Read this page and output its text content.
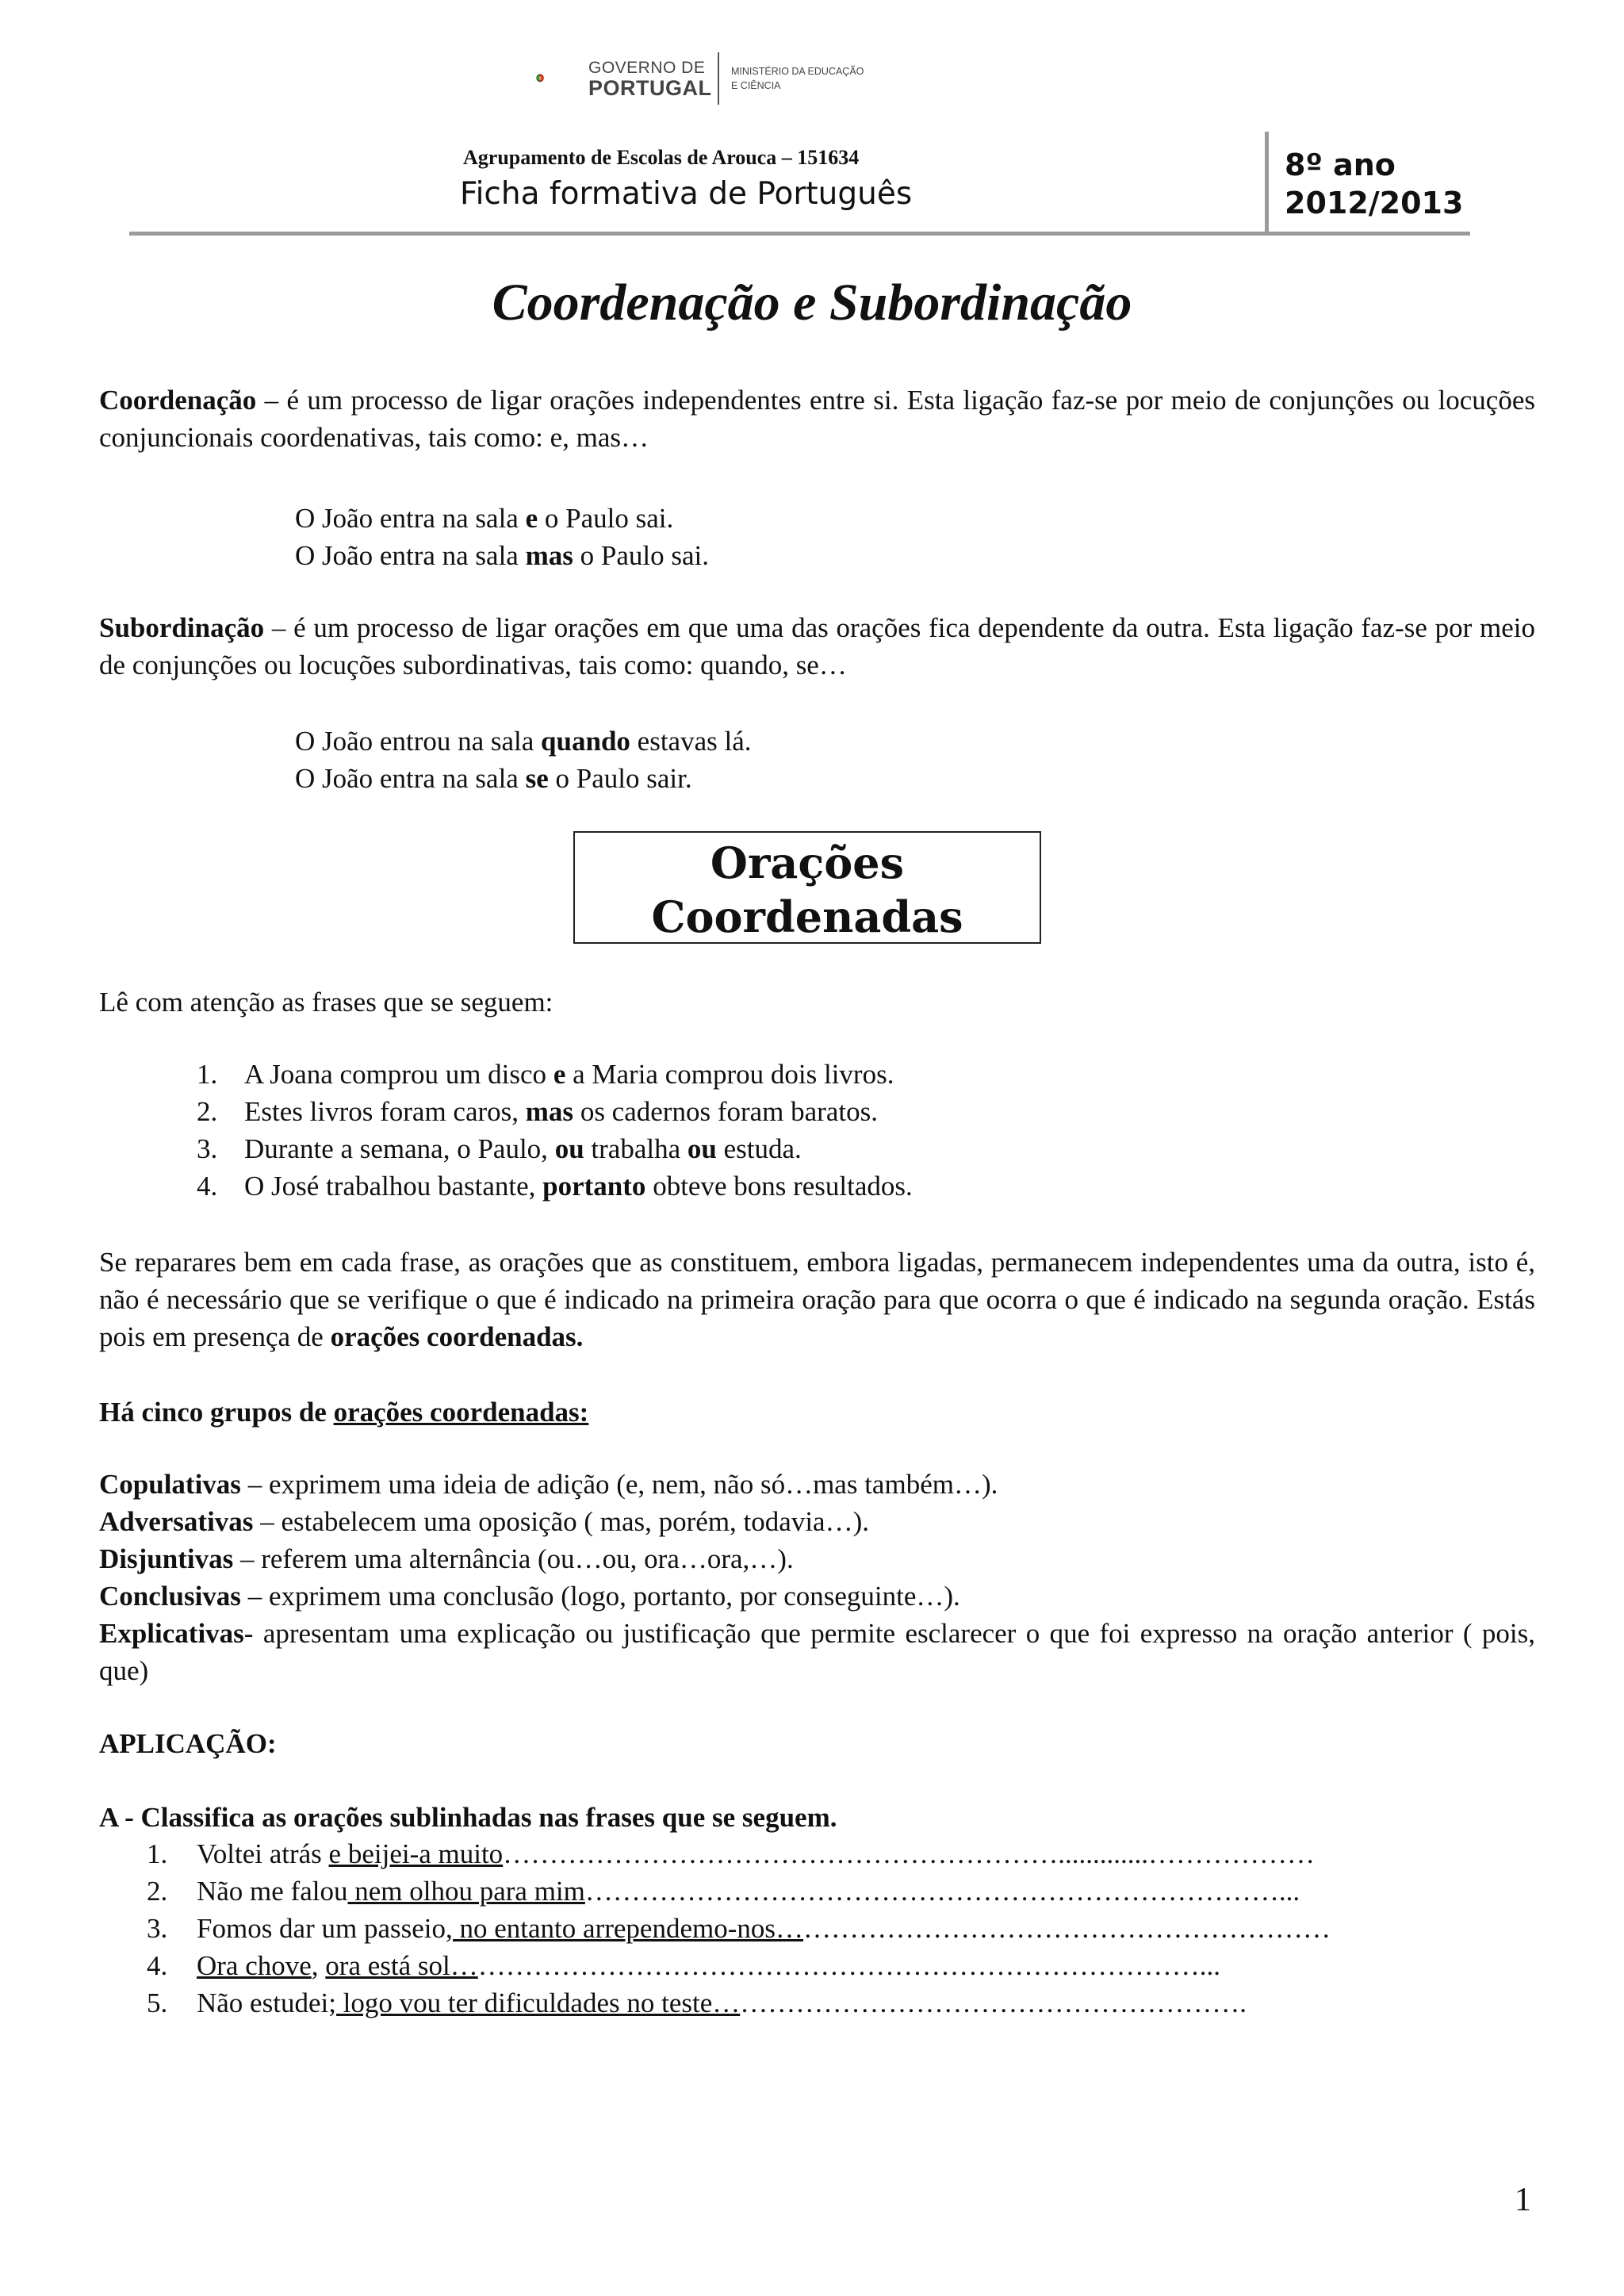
GOVERNO DE
PORTUGAL
MINISTÉRIO DA EDUCAÇÃO
E CIÊNCIA
Agrupamento de Escolas de Arouca – 151634
Ficha formativa de Português
8º ano
2012/2013
Coordenação e Subordinação
Coordenação – é um processo de ligar orações independentes entre si. Esta ligação faz-se por meio de conjunções ou locuções conjuncionais coordenativas, tais como: e, mas…
O João entra na sala e o Paulo sai.
O João entra na sala mas o Paulo sai.
Subordinação – é um processo de ligar orações em que uma das orações fica dependente da outra. Esta ligação faz-se por meio de conjunções ou locuções subordinativas, tais como: quando, se…
O João entrou na sala quando estavas lá.
O João entra na sala se o Paulo sair.
Orações
Coordenadas
Lê com atenção as frases que se seguem:
1. A Joana comprou um disco e a Maria comprou dois livros.
2. Estes livros foram caros, mas os cadernos foram baratos.
3. Durante a semana, o Paulo, ou trabalha ou estuda.
4. O José trabalhou bastante, portanto obteve bons resultados.
Se reparares bem em cada frase, as orações que as constituem, embora ligadas, permanecem independentes uma da outra, isto é, não é necessário que se verifique o que é indicado na primeira oração para que ocorra o que é indicado na segunda oração. Estás pois em presença de orações coordenadas.
Há cinco grupos de orações coordenadas:
Copulativas – exprimem uma ideia de adição (e, nem, não só…mas também…).
Adversativas – estabelecem uma oposição ( mas, porém, todavia…).
Disjuntivas – referem uma alternância (ou…ou, ora…ora,…).
Conclusivas – exprimem uma conclusão (logo, portanto, por conseguinte…).
Explicativas- apresentam uma explicação ou justificação que permite esclarecer o que foi expresso na oração anterior ( pois, que)
APLICAÇÃO:
A - Classifica as orações sublinhadas nas frases que se seguem.
1. Voltei atrás e beijei-a muito…………………………………………………….............………………
2. Não me falou nem olhou para mim…………………………………………………………………...
3. Fomos dar um passeio, no entanto arrependemo-nos……………………………………………………
4. Ora chove, ora está sol………………………………………………………………………...
5. Não estudei; logo vou ter dificuldades no teste………………………………………………….
1
